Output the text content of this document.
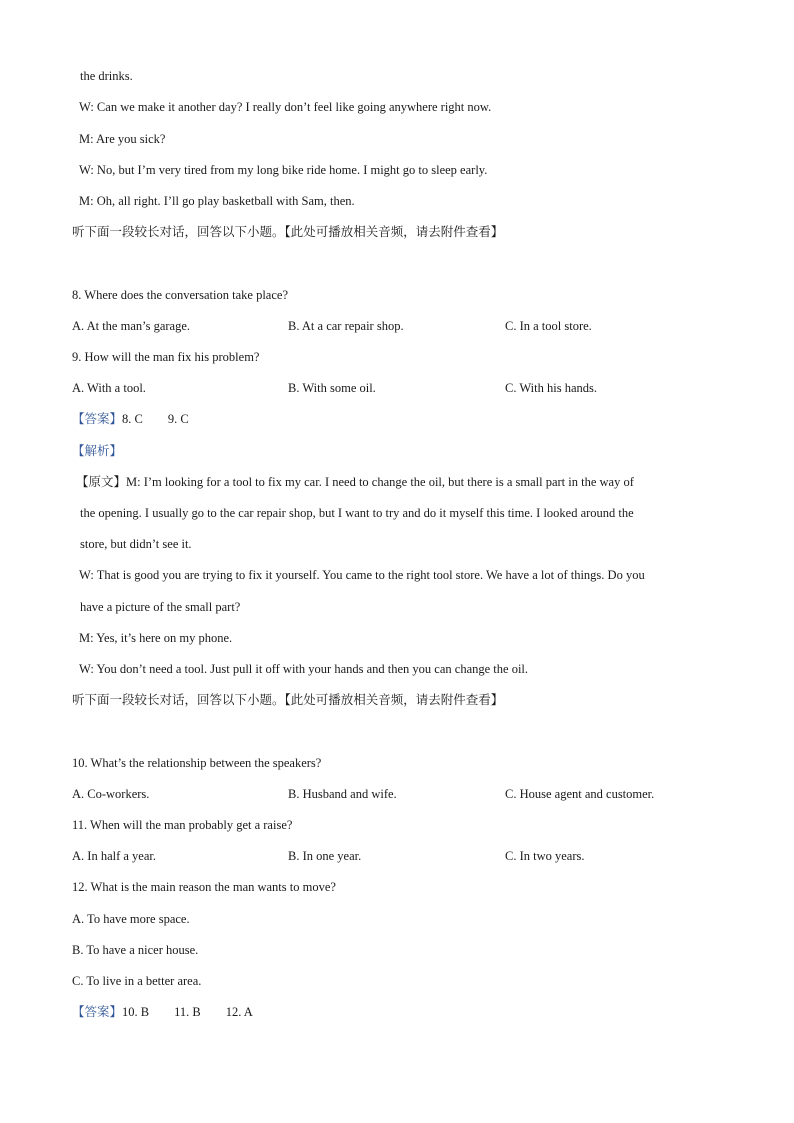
the drinks.
W: Can we make it another day? I really don’t feel like going anywhere right now.
M: Are you sick?
W: No, but I’m very tired from my long bike ride home. I might go to sleep early.
M: Oh, all right. I’ll go play basketball with Sam, then.
听下面一段较长对话，回答以下小题。【此处可播放相关音频，请去附件查看】
8. Where does the conversation take place?
A. At the man’s garage.	B. At a car repair shop.	C. In a tool store.
9. How will the man fix his problem?
A. With a tool.	B. With some oil.	C. With his hands.
【答案】8. C        9. C
【解析】
【原文】M: I’m looking for a tool to fix my car. I need to change the oil, but there is a small part in the way of
the opening. I usually go to the car repair shop, but I want to try and do it myself this time. I looked around the
store, but didn’t see it.
W: That is good you are trying to fix it yourself. You came to the right tool store. We have a lot of things. Do you
have a picture of the small part?
M: Yes, it’s here on my phone.
W: You don’t need a tool. Just pull it off with your hands and then you can change the oil.
听下面一段较长对话，回答以下小题。【此处可播放相关音频，请去附件查看】
10. What’s the relationship between the speakers?
A. Co-workers.	B. Husband and wife.	C. House agent and customer.
11. When will the man probably get a raise?
A. In half a year.	B. In one year.	C. In two years.
12. What is the main reason the man wants to move?
A. To have more space.
B. To have a nicer house.
C. To live in a better area.
【答案】10. B        11. B        12. A
